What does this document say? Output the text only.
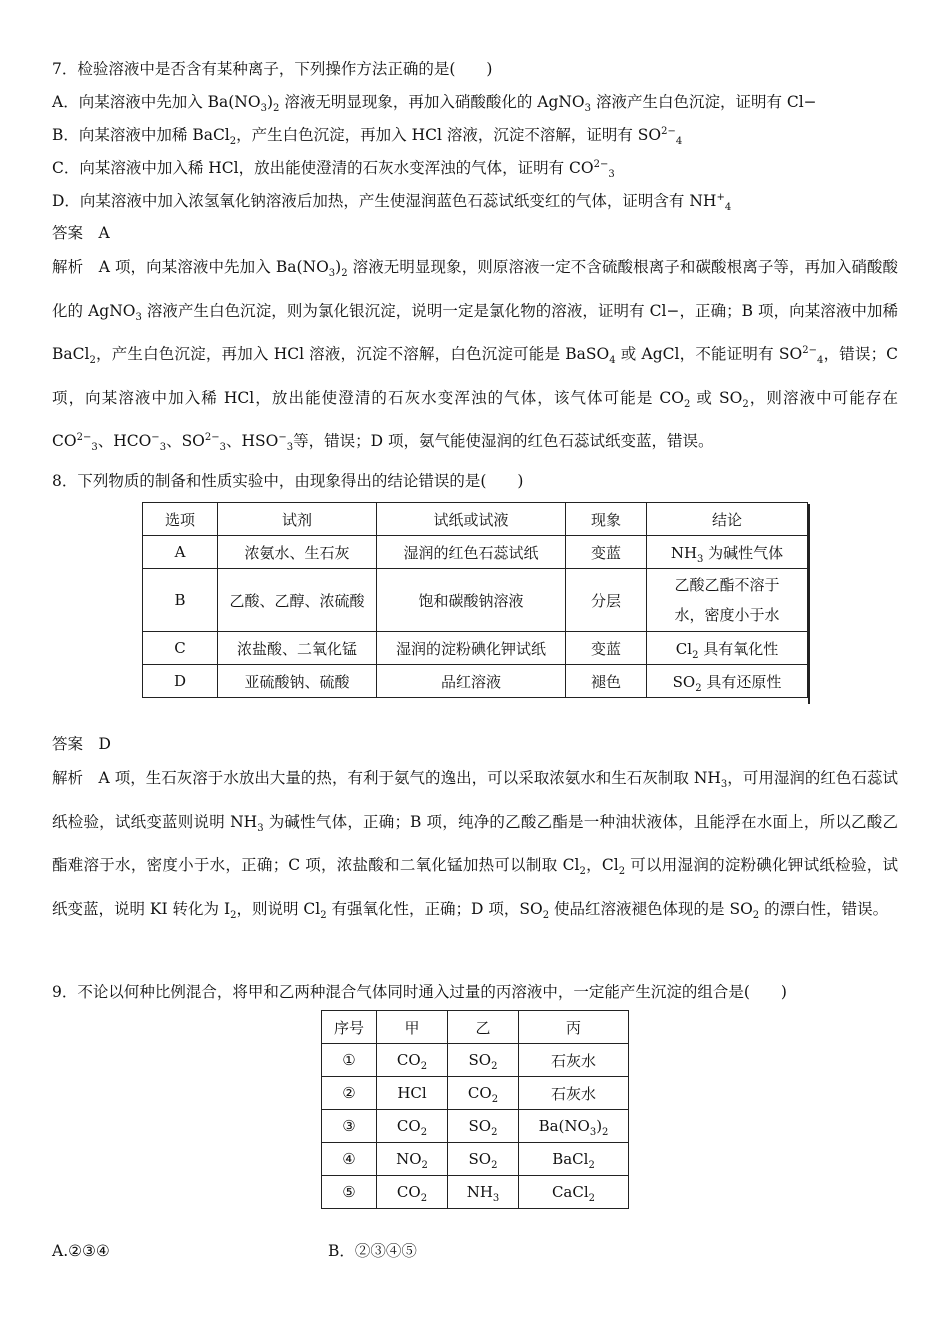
7．检验溶液中是否含有某种离子，下列操作方法正确的是(　　)
A．向某溶液中先加入 $Ba(NO_3)_2$ 溶液无明显现象，再加入硝酸酸化的 AgNO$_3$ 溶液产生白色沉淀，证明有 Cl−
B．向某溶液中加稀 BaCl$_2$，产生白色沉淀，再加入 HCl 溶液，沉淀不溶解，证明有 $SO^{2-}_4$
C．向某溶液中加入稀 HCl，放出能使澄清的石灰水变浑浊的气体，证明有 $CO^{2-}_3$
D．向某溶液中加入浓氢氧化钠溶液后加热，产生使湿润蓝色石蕊试纸变红的气体，证明含有 $NH^+_4$
答案　A
解析　A 项，向某溶液中先加入 $Ba(NO_3)_2$ 溶液无明显现象，则原溶液一定不含硫酸根离子和碳酸根离子等，再加入硝酸酸化的 AgNO$_3$ 溶液产生白色沉淀，则为氯化银沉淀，说明一定是氯化物的溶液，证明有 Cl−，正确；B 项，向某溶液中加稀 BaCl$_2$，产生白色沉淀，再加入 HCl 溶液，沉淀不溶解，白色沉淀可能是 BaSO$_4$ 或 AgCl，不能证明有 $SO^{2-}_4$，错误；C 项，向某溶液中加入稀 HCl，放出能使澄清的石灰水变浑浊的气体，该气体可能是 $CO_2$ 或 $SO_2$，则溶液中可能存在 $CO^{2-}_3$、$HCO^-_3$、$SO^{2-}_3$、$HSO^-_3$等，错误；D 项，氨气能使湿润的红色石蕊试纸变蓝，错误。
8．下列物质的制备和性质实验中，由现象得出的结论错误的是(　　)
选项	试剂	试纸或试液	现象	结论
A	浓氨水、生石灰	湿润的红色石蕊试纸	变蓝	$NH_3$ 为碱性气体
B	乙酸、乙醇、浓硫酸	饱和碳酸钠溶液	分层	乙酸乙酯不溶于
水，密度小于水
C	浓盐酸、二氧化锰	湿润的淀粉碘化钾试纸	变蓝	$Cl_2$ 具有氧化性
D	亚硫酸钠、硫酸	品红溶液	褪色	$SO_2$ 具有还原性
答案　D
解析　A 项，生石灰溶于水放出大量的热，有利于氨气的逸出，可以采取浓氨水和生石灰制取 $NH_3$，可用湿润的红色石蕊试纸检验，试纸变蓝则说明 $NH_3$ 为碱性气体，正确；B 项，纯净的乙酸乙酯是一种油状液体，且能浮在水面上，所以乙酸乙酯难溶于水，密度小于水，正确；C 项，浓盐酸和二氧化锰加热可以制取 $Cl_2$，$Cl_2$ 可以用湿润的淀粉碘化钾试纸检验，试纸变蓝，说明 KI 转化为 $I_2$，则说明 $Cl_2$ 有强氧化性，正确；D 项，$SO_2$ 使品红溶液褪色体现的是 $SO_2$ 的漂白性，错误。
9．不论以何种比例混合，将甲和乙两种混合气体同时通入过量的丙溶液中，一定能产生沉淀的组合是(　　)
序号	甲	乙	丙
①	$CO_2$	$SO_2$	石灰水
②	HCl	$CO_2$	石灰水
③	$CO_2$	$SO_2$	$Ba(NO_3)_2$
④	$NO_2$	$SO_2$	BaCl$_2$
⑤	$CO_2$	$NH_3$	CaCl$_2$
A.②③④	B．②③④⑤
